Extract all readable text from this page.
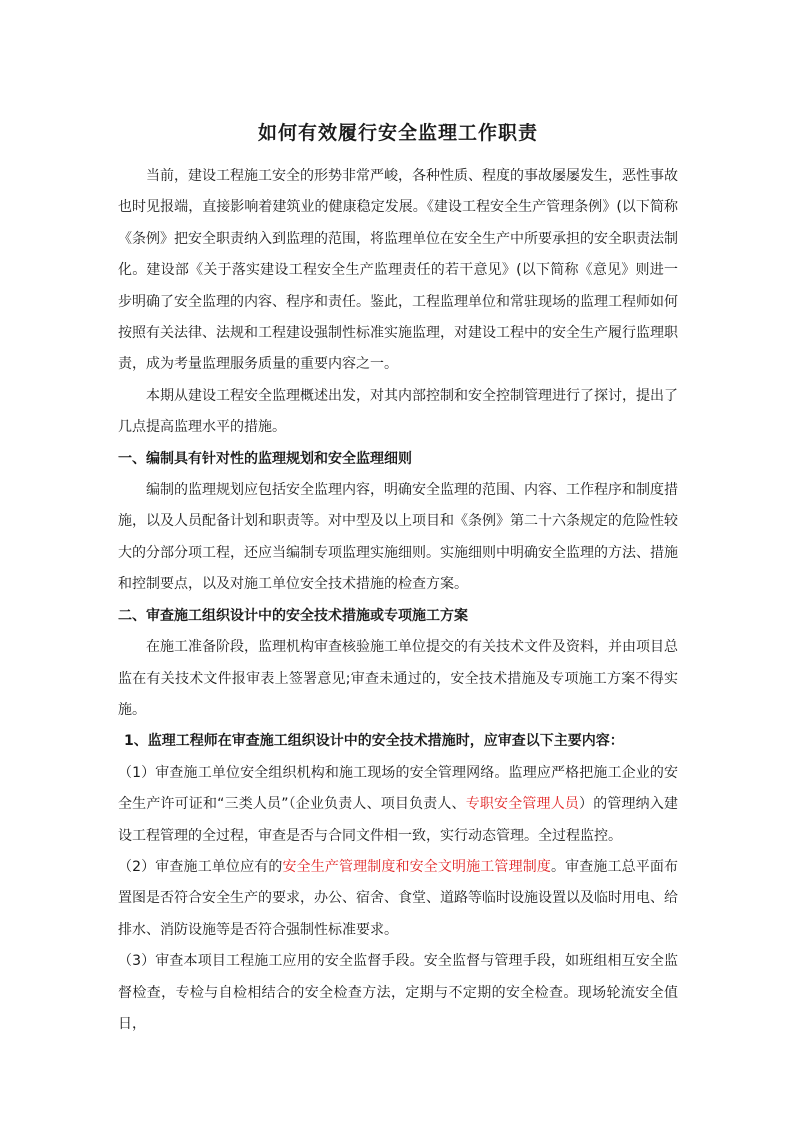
如何有效履行安全监理工作职责

当前，建设工程施工安全的形势非常严峻，各种性质、程度的事故屡屡发生，恶性事故也时见报端，直接影响着建筑业的健康稳定发展。《建设工程安全生产管理条例》(以下简称《条例》把安全职责纳入到监理的范围，将监理单位在安全生产中所要承担的安全职责法制化。建设部《关于落实建设工程安全生产监理责任的若干意见》(以下简称《意见》则进一步明确了安全监理的内容、程序和责任。鉴此，工程监理单位和常驻现场的监理工程师如何按照有关法律、法规和工程建设强制性标准实施监理，对建设工程中的安全生产履行监理职责，成为考量监理服务质量的重要内容之一。

本期从建设工程安全监理概述出发，对其内部控制和安全控制管理进行了探讨，提出了几点提高监理水平的措施。

一、编制具有针对性的监理规划和安全监理细则

编制的监理规划应包括安全监理内容，明确安全监理的范围、内容、工作程序和制度措施，以及人员配备计划和职责等。对中型及以上项目和《条例》第二十六条规定的危险性较大的分部分项工程，还应当编制专项监理实施细则。实施细则中明确安全监理的方法、措施和控制要点，以及对施工单位安全技术措施的检查方案。

二、审查施工组织设计中的安全技术措施或专项施工方案

在施工准备阶段，监理机构审查核验施工单位提交的有关技术文件及资料，并由项目总监在有关技术文件报审表上签署意见;审查未通过的，安全技术措施及专项施工方案不得实施。

1、监理工程师在审查施工组织设计中的安全技术措施时，应审查以下主要内容：

（1）审查施工单位安全组织机构和施工现场的安全管理网络。监理应严格把施工企业的安全生产许可证和“三类人员”（企业负责人、项目负责人、专职安全管理人员）的管理纳入建设工程管理的全过程，审查是否与合同文件相一致，实行动态管理。全过程监控。

（2）审查施工单位应有的安全生产管理制度和安全文明施工管理制度。审查施工总平面布置图是否符合安全生产的要求，办公、宿舍、食堂、道路等临时设施设置以及临时用电、给排水、消防设施等是否符合强制性标准要求。

（3）审查本项目工程施工应用的安全监督手段。安全监督与管理手段，如班组相互安全监督检查，专检与自检相结合的安全检查方法，定期与不定期的安全检查。现场轮流安全值日，
